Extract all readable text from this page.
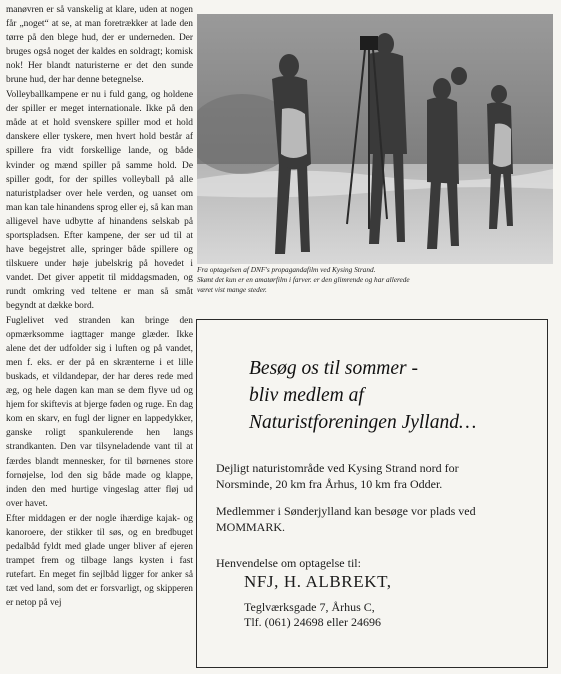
manøvren er så vanskelig at klare, uden at nogen får „noget“ at se, at man foretrækker at lade den tørre på den blege hud, der er underneden. Der bruges også noget der kaldes en soldragt; komisk nok! Her blandt naturisterne er det den sunde brune hud, der har denne betegnelse.

Volleyballkampene er nu i fuld gang, og holdene der spiller er meget internationale. Ikke på den måde at et hold svenskere spiller mod et hold danskere eller tyskere, men hvert hold består af spillere fra vidt forskellige lande, og både kvinder og mænd spiller på samme hold. De spiller godt, for der spilles volleyball på alle naturistpladser over hele verden, og uanset om man kan tale hinandens sprog eller ej, så kan man alligevel have udbytte af hinandens selskab på sportspladsen. Efter kampene, der ser ud til at have begejstret alle, springer både spillere og tilskuere under høje jubelskrig på hovedet i vandet. Det giver appetit til middagsmaden, og rundt omkring ved teltene er man så småt begyndt at dække bord.

Fuglelivet ved stranden kan bringe den opmærksomme iagttager mange glæder. Ikke alene det der udfolder sig i luften og på vandet, men f. eks. er der på en skrænterne i et lille buskads, et vildandepar, der har deres rede med æg, og hele dagen kan man se dem flyve ud og hjem for skiftevis at bjerge føden og ruge. En dag kom en skarv, en fugl der ligner en lappedykker, ganske roligt spankulerende hen langs strandkanten. Den var tilsyneladende vant til at færdes blandt mennesker, for til børnenes store fornøjelse, lod den sig både made og klappe, inden den med hurtige vingeslag atter fløj ud over havet.

Efter middagen er der nogle ihærdige kajak- og kanoroere, der stikker til søs, og en bredbuget pedalbåd fyldt med glade unger bliver af ejeren trampet frem og tilbage langs kysten i fast rutefart. En meget fin sejlbåd ligger for anker så tæt ved land, som det er forsvarligt, og skipperen er netop på vej

Fra optagelsen af DNF's propagandafilm ved Kysing Strand.
Skønt det kun er en amatørfilm i farver. er den glimrende og har allerede
været vist mange steder.
Besøg os til sommer -
bliv medlem af
Naturistforeningen Jylland…

Dejligt naturistområde ved Kysing Strand nord for
Norsminde, 20 km fra Århus, 10 km fra Odder.

Medlemmer i Sønderjylland kan besøge vor plads ved
MOMMARK.

Henvendelse om optagelse til:
NFJ, H. ALBREKT,
Teglværksgade 7, Århus C,
Tlf. (061) 24698 eller 24696
